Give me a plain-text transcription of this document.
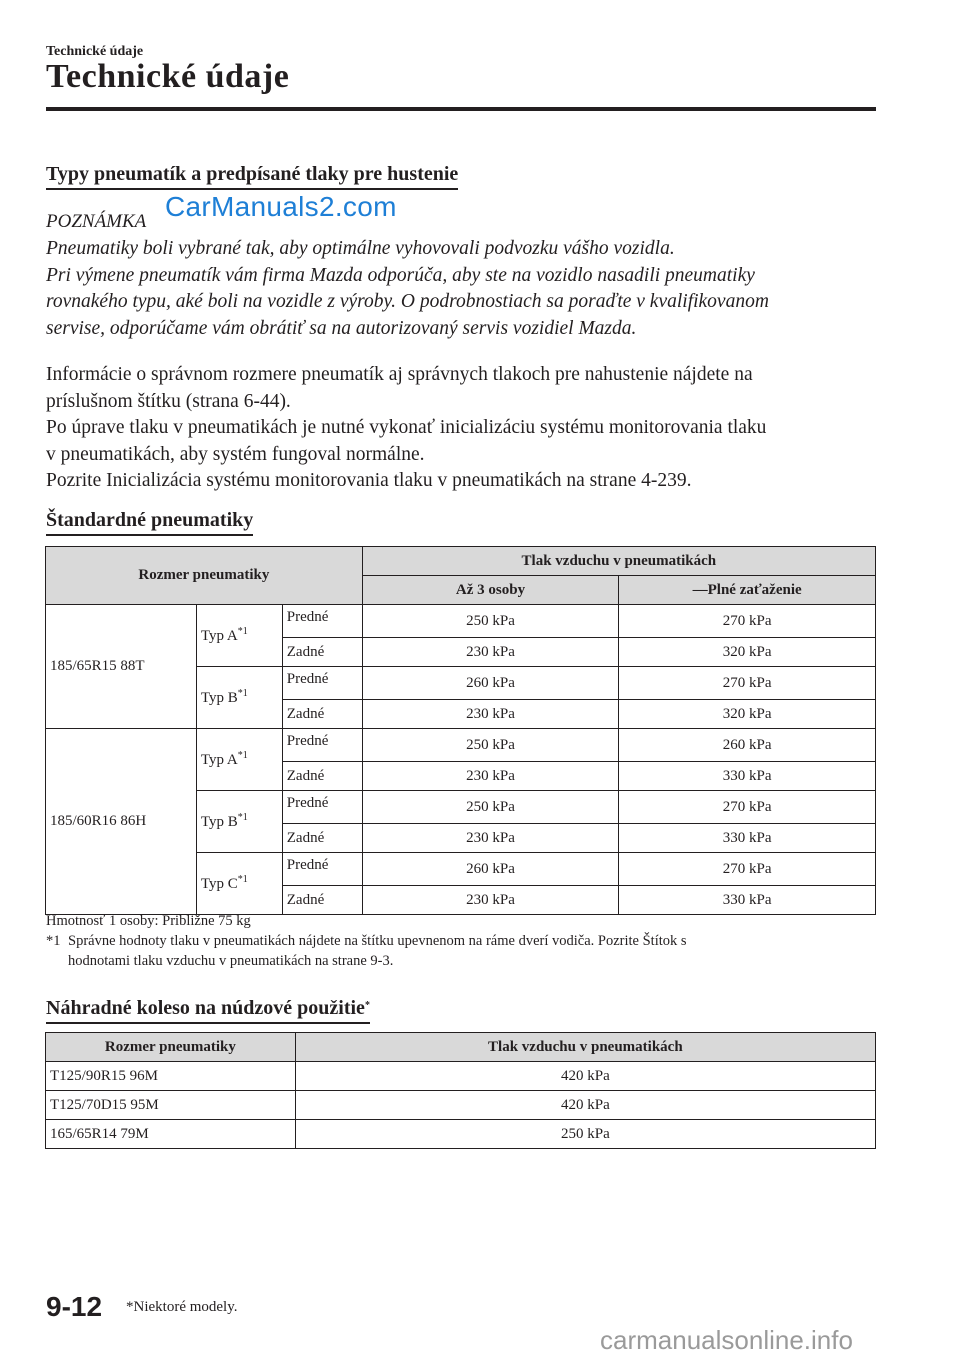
Technické údaje
Technické údaje
Typy pneumatík a predpísané tlaky pre hustenie
CarManuals2.com
POZNÁMKA
Pneumatiky boli vybrané tak, aby optimálne vyhovovali podvozku vášho vozidla.
Pri výmene pneumatík vám firma Mazda odporúča, aby ste na vozidlo nasadili pneumatiky
rovnakého typu, aké boli na vozidle z výroby. O podrobnostiach sa poraďte v kvalifikovanom
servise, odporúčame vám obrátiť sa na autorizovaný servis vozidiel Mazda.
Informácie o správnom rozmere pneumatík aj správnych tlakoch pre nahustenie nájdete na
príslušnom štítku (strana 6-44).
Po úprave tlaku v pneumatikách je nutné vykonať inicializáciu systému monitorovania tlaku
v pneumatikách, aby systém fungoval normálne.
Pozrite Inicializácia systému monitorovania tlaku v pneumatikách na strane 4-239.
Štandardné pneumatiky
Rozmer pneumatiky			Tlak vzduchu v pneumatikách	
			Až 3 osoby	—Plné zaťaženie
185/65R15 88T	Typ $A^{*1}$	Predné	250 kPa	270 kPa
		Zadné	230 kPa	320 kPa
	Typ $B^{*1}$	Predné	260 kPa	270 kPa
		Zadné	230 kPa	320 kPa
185/60R16 86H	Typ $A^{*1}$	Predné	250 kPa	260 kPa
		Zadné	230 kPa	330 kPa
	Typ $B^{*1}$	Predné	250 kPa	270 kPa
		Zadné	230 kPa	330 kPa
	Typ $C^{*1}$	Predné	260 kPa	270 kPa
		Zadné	230 kPa	330 kPa
Hmotnosť 1 osoby: Približne 75 kg
*1 Správne hodnoty tlaku v pneumatikách nájdete na štítku upevnenom na ráme dverí vodiča. Pozrite Štítok s
hodnotami tlaku vzduchu v pneumatikách na strane 9-3.
Náhradné koleso na núdzové použitie*
Rozmer pneumatiky	Tlak vzduchu v pneumatikách
T125/90R15 96M	420 kPa
T125/70D15 95M	420 kPa
165/65R14 79M	250 kPa
9-12 *Niektoré modely.
carmanualsonline.info
